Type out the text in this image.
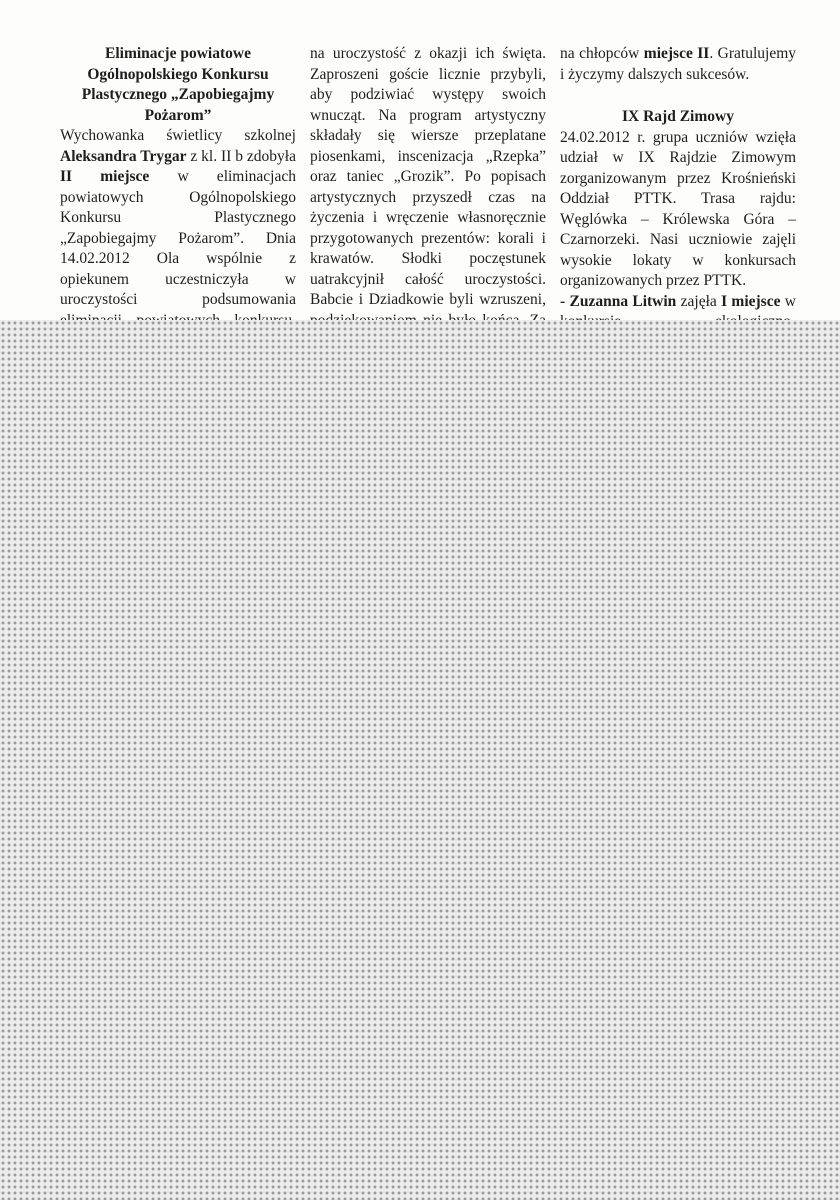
Eliminacje powiatowe Ogólnopolskiego Konkursu Plastycznego „Zapobiegajmy Pożarom”

Wychowanka świetlicy szkolnej Aleksandra Trygar z kl. II b zdobyła II miejsce w eliminacjach powiatowych Ogólnopolskiego Konkursu Plastycznego „Zapobiegajmy Pożarom”. Dnia 14.02.2012 Ola wspólnie z opiekunem uczestniczyła w uroczystości podsumowania

na uroczystość z okazji ich święta. Zaproszeni goście licznie przybyli, aby podziwiać występy swoich wnucząt. Na program artystyczny składały się wiersze przeplatane piosenkami, inscenizacja „Rzepka” oraz taniec „Grozik”. Po popisach artystycznych przyszedł czas na życzenia i wręczenie własnoręcznie przygotowanych prezentów: korali i krawatów. Słodki poczęstunek uatrakcyjnił całość uroczystości. Babcie i Dziadkowie byli wzruszeni,

na chłopców miejsce II. Gratulujemy i życzymy dalszych sukcesów.

IX Rajd Zimowy

24.02.2012 r. grupa uczniów wzięła udział w IX Rajdzie Zimowym zorganizowanym przez Krośnieński Oddział PTTK. Trasa rajdu: Węglówka – Królewska Góra – Czarnorzeki. Nasi uczniowie zajęli wysokie lokaty w konkursach organizowanych przez PTTK.

- Zuzanna Litwin zajęła I miejsce w
